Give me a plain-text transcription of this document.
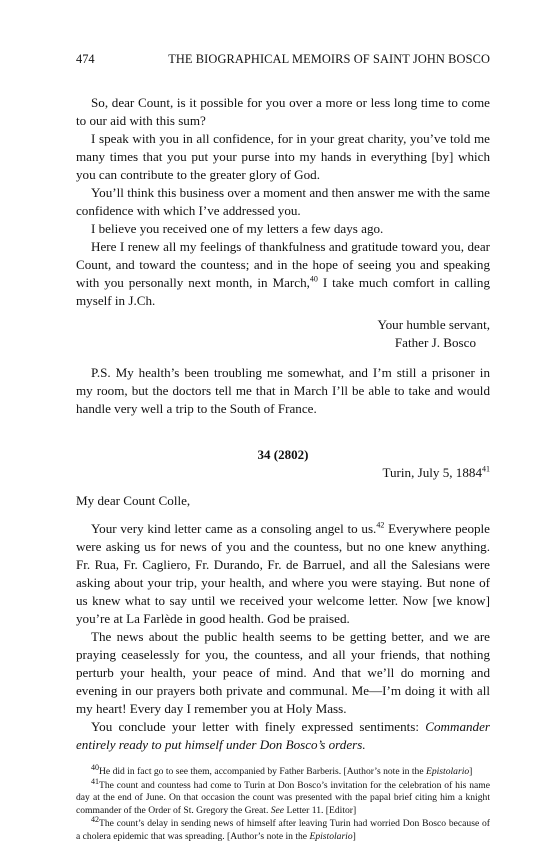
474	THE BIOGRAPHICAL MEMOIRS OF SAINT JOHN BOSCO

So, dear Count, is it possible for you over a more or less long time to come to our aid with this sum?

I speak with you in all confidence, for in your great charity, you’ve told me many times that you put your purse into my hands in everything [by] which you can contribute to the greater glory of God.

You’ll think this business over a moment and then answer me with the same confidence with which I’ve addressed you.

I believe you received one of my letters a few days ago.

Here I renew all my feelings of thankfulness and gratitude toward you, dear Count, and toward the countess; and in the hope of seeing you and speaking with you personally next month, in March,$^{40}$ I take much comfort in calling myself in J.Ch.

Your humble servant,

Father J. Bosco

P.S. My health’s been troubling me somewhat, and I’m still a prisoner in my room, but the doctors tell me that in March I’ll be able to take and would handle very well a trip to the South of France.

34 (2802)

Turin, July 5, 1884$^{41}$

My dear Count Colle,

Your very kind letter came as a consoling angel to us.$^{42}$ Everywhere people were asking us for news of you and the countess, but no one knew anything. Fr. Rua, Fr. Cagliero, Fr. Durando, Fr. de Barruel, and all the Salesians were asking about your trip, your health, and where you were staying. But none of us knew what to say until we received your welcome letter. Now [we know] you’re at La Farlède in good health. God be praised.

The news about the public health seems to be getting better, and we are praying ceaselessly for you, the countess, and all your friends, that nothing perturb your health, your peace of mind. And that we’ll do morning and evening in our prayers both private and communal. Me—I’m doing it with all my heart! Every day I remember you at Holy Mass.

You conclude your letter with finely expressed sentiments: Commander entirely ready to put himself under Don Bosco’s orders.

$^{40}$He did in fact go to see them, accompanied by Father Barberis. [Author’s note in the Epistolario]

$^{41}$The count and countess had come to Turin at Don Bosco’s invitation for the celebration of his name day at the end of June. On that occasion the count was presented with the papal brief citing him a knight commander of the Order of St. Gregory the Great. See Letter 11. [Editor]

$^{42}$The count’s delay in sending news of himself after leaving Turin had worried Don Bosco because of a cholera epidemic that was spreading. [Author’s note in the Epistolario]
